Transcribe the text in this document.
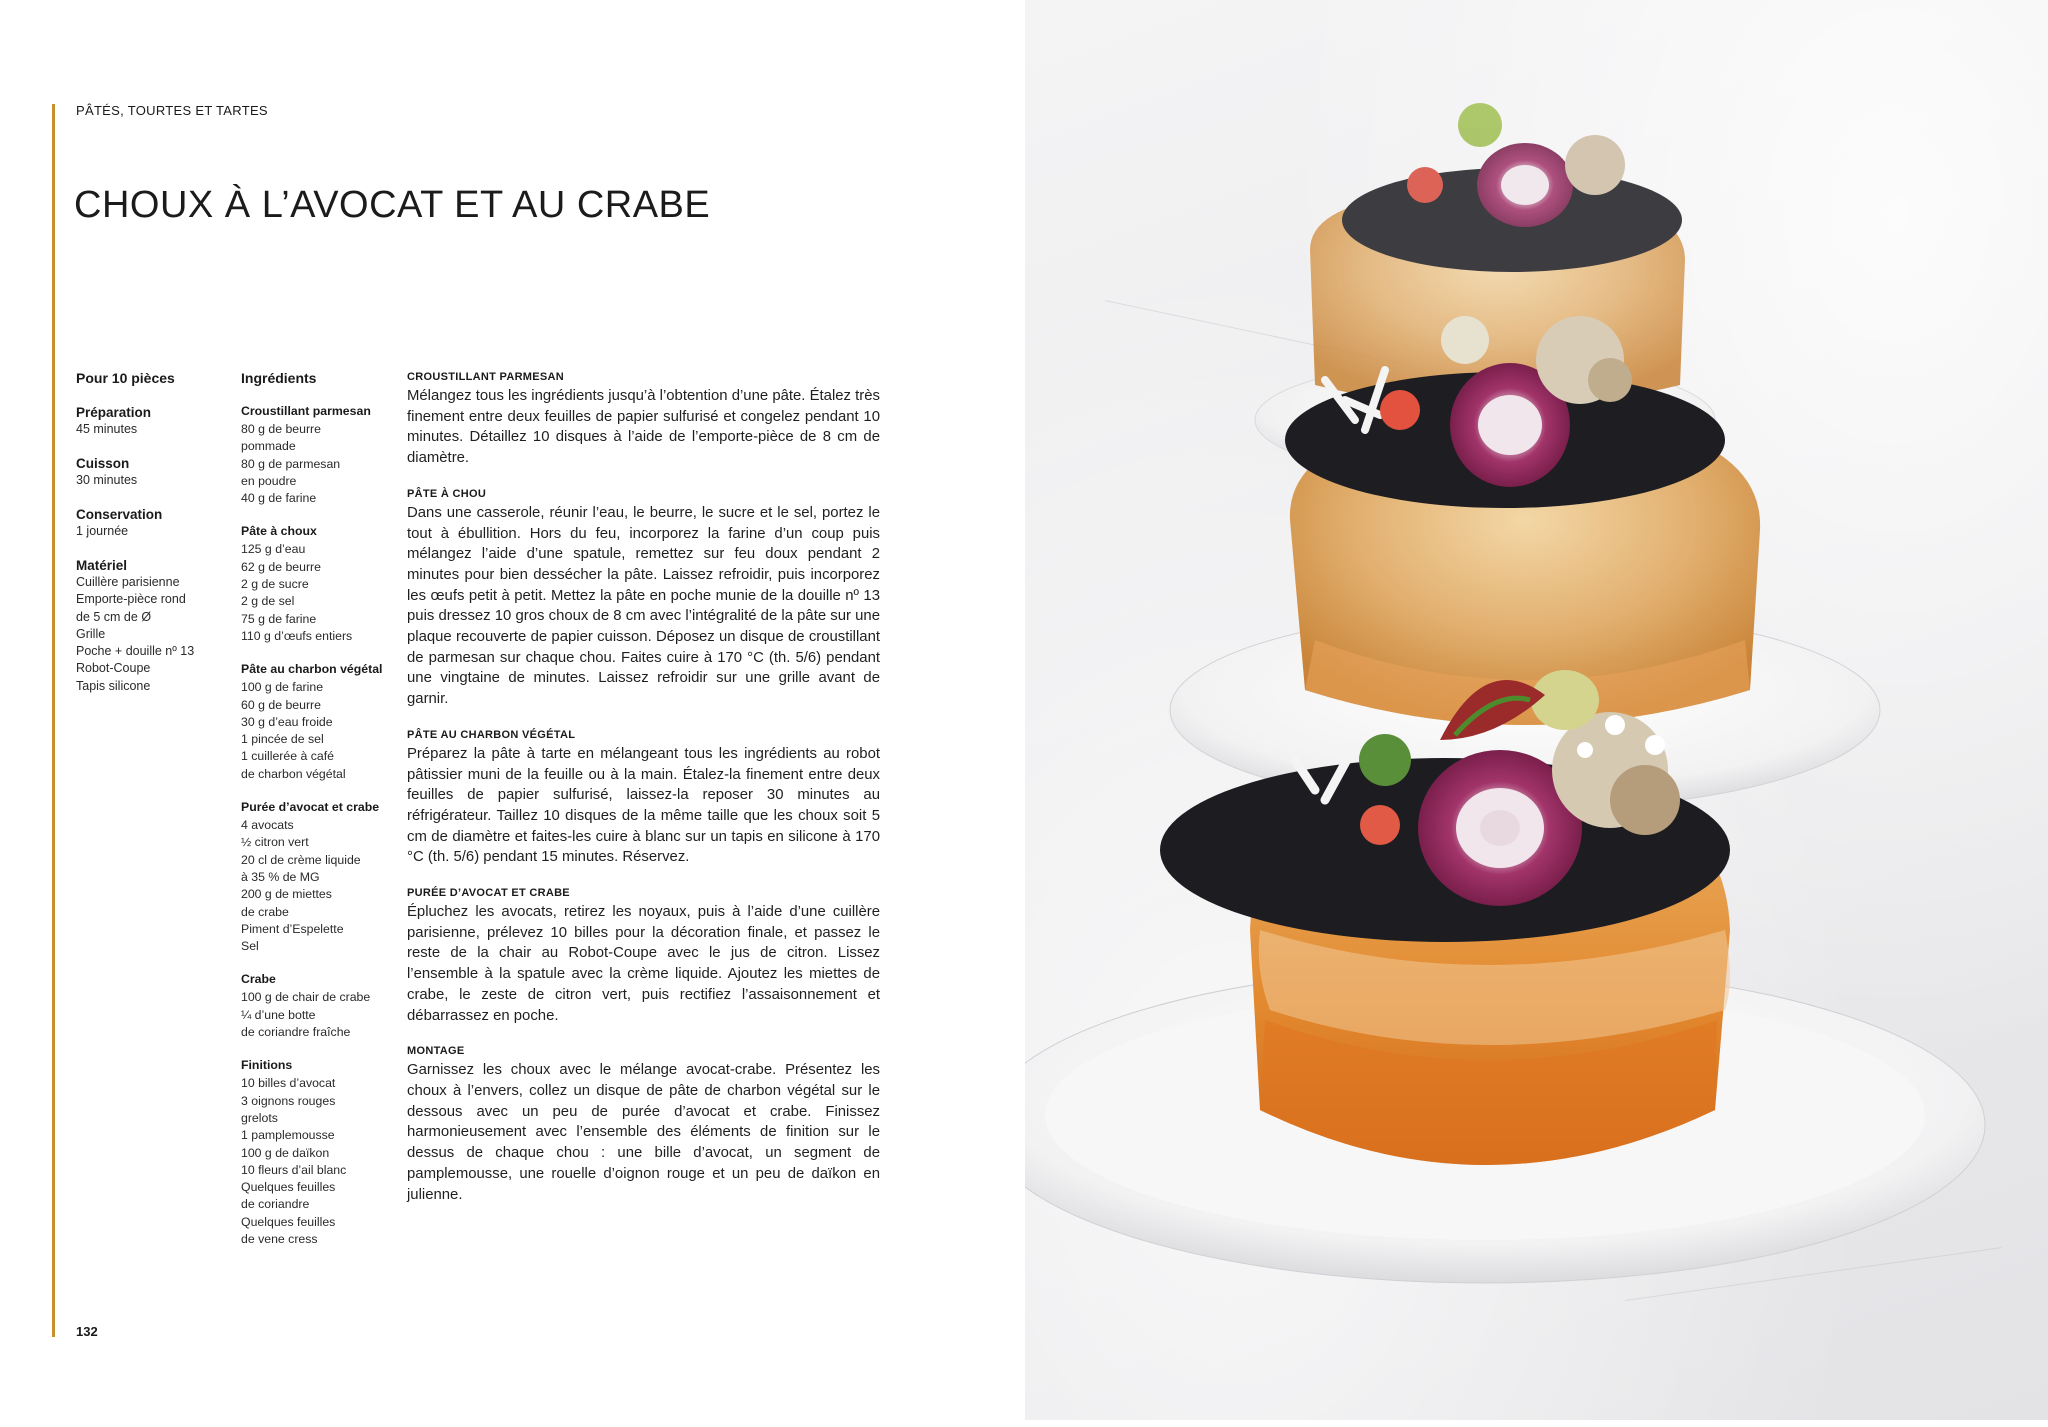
PÂTÉS, TOURTES ET TARTES
CHOUX À L’AVOCAT ET AU CRABE
Pour 10 pièces
Préparation
45 minutes
Cuisson
30 minutes
Conservation
1 journée
Matériel
Cuillère parisienne
Emporte-pièce rond
de 5 cm de Ø
Grille
Poche + douille nº 13
Robot-Coupe
Tapis silicone
Ingrédients
Croustillant parmesan
80 g de beurre
pommade
80 g de parmesan
en poudre
40 g de farine
Pâte à choux
125 g d’eau
62 g de beurre
2 g de sucre
2 g de sel
75 g de farine
110 g d’œufs entiers
Pâte au charbon végétal
100 g de farine
60 g de beurre
30 g d’eau froide
1 pincée de sel
1 cuillerée à café
de charbon végétal
Purée d’avocat et crabe
4 avocats
½ citron vert
20 cl de crème liquide
à 35 % de MG
200 g de miettes
de crabe
Piment d’Espelette
Sel
Crabe
100 g de chair de crabe
¼ d’une botte
de coriandre fraîche
Finitions
10 billes d’avocat
3 oignons rouges
grelots
1 pamplemousse
100 g de daïkon
10 fleurs d’ail blanc
Quelques feuilles
de coriandre
Quelques feuilles
de vene cress
CROUSTILLANT PARMESAN

Mélangez tous les ingrédients jusqu’à l’obtention d’une pâte. Étalez très finement entre deux feuilles de papier sulfurisé et congelez pendant 10 minutes. Détaillez 10 disques à l’aide de l’emporte-pièce de 8 cm de diamètre.

PÂTE À CHOU

Dans une casserole, réunir l’eau, le beurre, le sucre et le sel, portez le tout à ébullition. Hors du feu, incorporez la farine d’un coup puis mélangez l’aide d’une spatule, remettez sur feu doux pendant 2 minutes pour bien dessécher la pâte. Laissez refroidir, puis incorporez les œufs petit à petit. Mettez la pâte en poche munie de la douille nº 13 puis dressez 10 gros choux de 8 cm avec l’intégralité de la pâte sur une plaque recouverte de papier cuisson. Déposez un disque de croustillant de parmesan sur chaque chou. Faites cuire à 170 °C (th. 5/6) pendant une vingtaine de minutes. Laissez refroidir sur une grille avant de garnir.

PÂTE AU CHARBON VÉGÉTAL

Préparez la pâte à tarte en mélangeant tous les ingrédients au robot pâtissier muni de la feuille ou à la main. Étalez-la finement entre deux feuilles de papier sulfurisé, laissez-la reposer 30 minutes au réfrigérateur. Taillez 10 disques de la même taille que les choux soit 5 cm de diamètre et faites-les cuire à blanc sur un tapis en silicone à 170 °C (th. 5/6) pendant 15 minutes. Réservez.

PURÉE D’AVOCAT ET CRABE

Épluchez les avocats, retirez les noyaux, puis à l’aide d’une cuillère parisienne, prélevez 10 billes pour la décoration finale, et passez le reste de la chair au Robot-Coupe avec le jus de citron. Lissez l’ensemble à la spatule avec la crème liquide. Ajoutez les miettes de crabe, le zeste de citron vert, puis rectifiez l’assaisonnement et débarrassez en poche.

MONTAGE

Garnissez les choux avec le mélange avocat-crabe. Présentez les choux à l’envers, collez un disque de pâte de charbon végétal sur le dessous avec un peu de purée d’avocat et crabe. Finissez harmonieusement avec l’ensemble des éléments de finition sur le dessus de chaque chou : une bille d’avocat, un segment de pamplemousse, une rouelle d’oignon rouge et un peu de daïkon en julienne.

132
